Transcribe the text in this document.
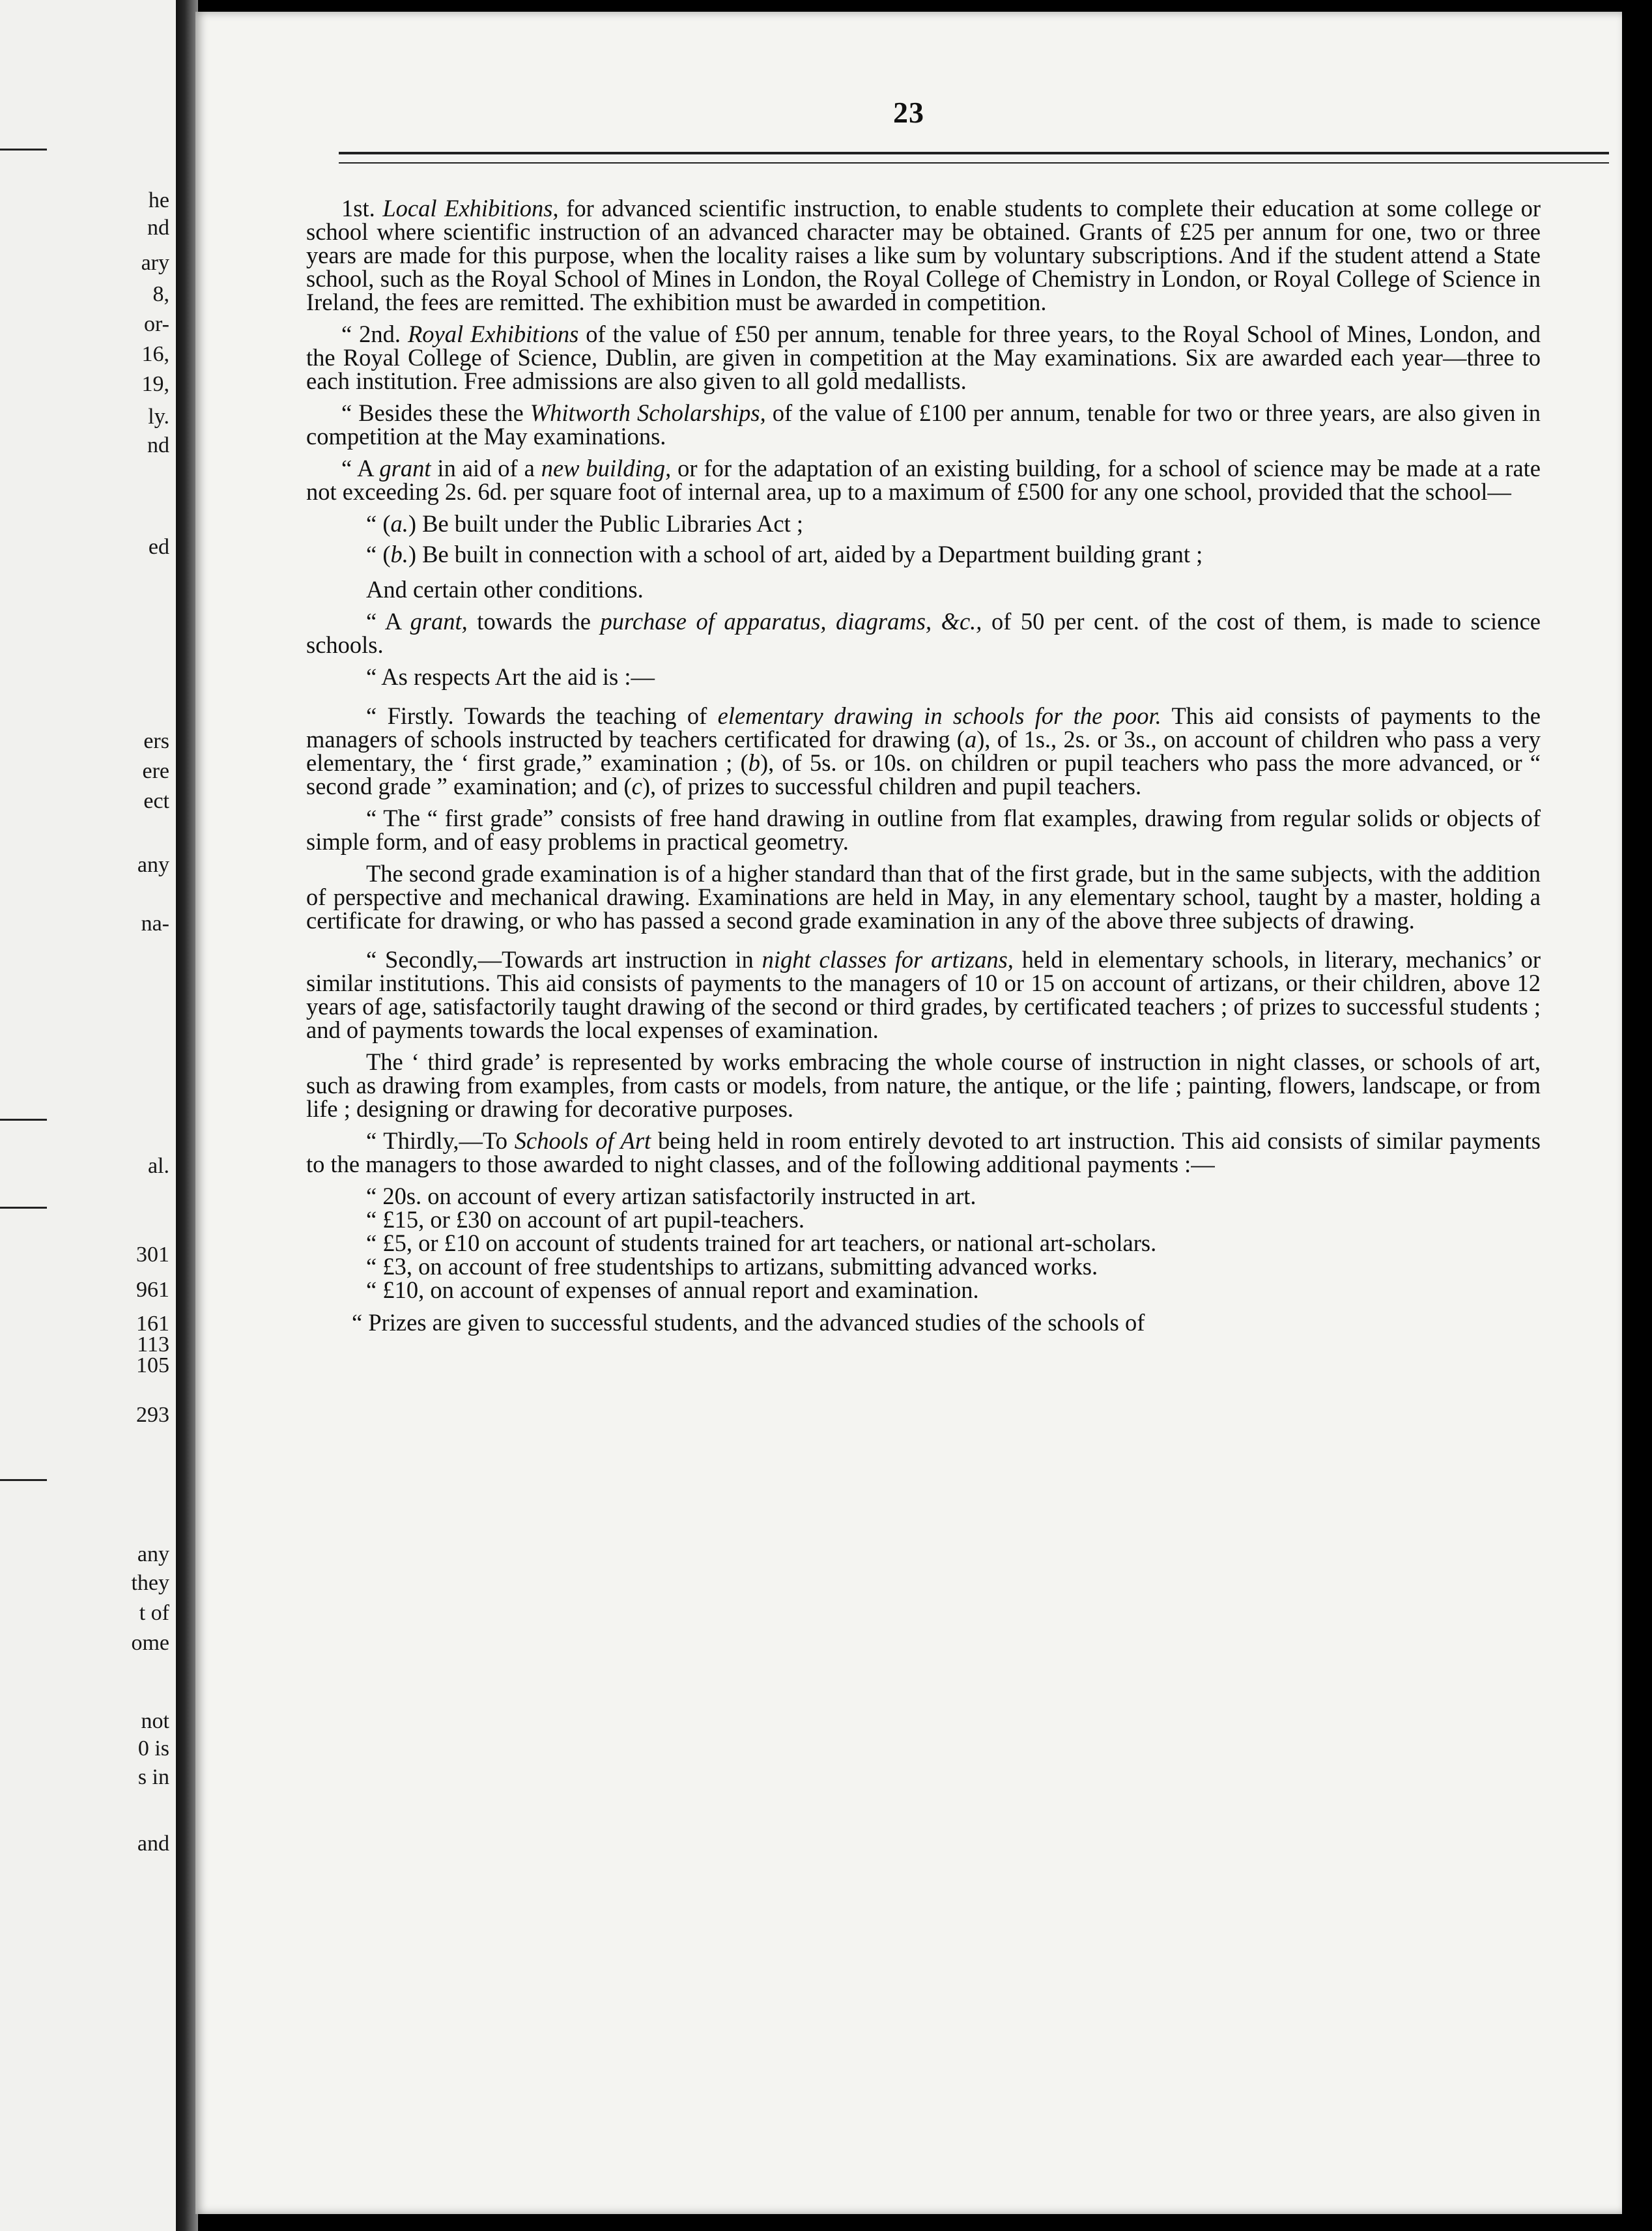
he
nd
ary
8,
or-
16,
19,
ly.
nd
ed
ers
ere
ect
any
na-
al.
301
961
161
113
105
293
any
they
t of
ome
not
0 is
s in
and
23

1st. Local Exhibitions, for advanced scientific instruction, to enable students to complete their education at some college or school where scientific instruction of an advanced character may be obtained. Grants of £25 per annum for one, two or three years are made for this purpose, when the locality raises a like sum by voluntary subscriptions. And if the student attend a State school, such as the Royal School of Mines in London, the Royal College of Chemistry in London, or Royal College of Science in Ireland, the fees are remitted. The exhibition must be awarded in competition.

“ 2nd. Royal Exhibitions of the value of £50 per annum, tenable for three years, to the Royal School of Mines, London, and the Royal College of Science, Dublin, are given in competition at the May examinations. Six are awarded each year—three to each institution. Free admissions are also given to all gold medallists.

“ Besides these the Whitworth Scholarships, of the value of £100 per annum, tenable for two or three years, are also given in competition at the May examinations.

“ A grant in aid of a new building, or for the adaptation of an existing building, for a school of science may be made at a rate not exceeding 2s. 6d. per square foot of internal area, up to a maximum of £500 for any one school, provided that the school—

“ (a.) Be built under the Public Libraries Act ;

“ (b.) Be built in connection with a school of art, aided by a Department building grant ;

And certain other conditions.

“ A grant, towards the purchase of apparatus, diagrams, &c., of 50 per cent. of the cost of them, is made to science schools.

“ As respects Art the aid is :—

“ Firstly. Towards the teaching of elementary drawing in schools for the poor. This aid consists of payments to the managers of schools instructed by teachers certificated for drawing (a), of 1s., 2s. or 3s., on account of children who pass a very elementary, the ‘ first grade,” examination ; (b), of 5s. or 10s. on children or pupil teachers who pass the more advanced, or “ second grade ” examination; and (c), of prizes to successful children and pupil teachers.

“ The “ first grade” consists of free hand drawing in outline from flat examples, drawing from regular solids or objects of simple form, and of easy problems in practical geometry.

The second grade examination is of a higher standard than that of the first grade, but in the same subjects, with the addition of perspective and mechanical drawing. Examinations are held in May, in any elementary school, taught by a master, holding a certificate for drawing, or who has passed a second grade examination in any of the above three subjects of drawing.

“ Secondly,—Towards art instruction in night classes for artizans, held in elementary schools, in literary, mechanics’ or similar institutions. This aid consists of payments to the managers of 10 or 15 on account of artizans, or their children, above 12 years of age, satisfactorily taught drawing of the second or third grades, by certificated teachers ; of prizes to successful students ; and of payments towards the local expenses of examination.

The ‘ third grade’ is represented by works embracing the whole course of instruction in night classes, or schools of art, such as drawing from examples, from casts or models, from nature, the antique, or the life ; painting, flowers, landscape, or from life ; designing or drawing for decorative purposes.

“ Thirdly,—To Schools of Art being held in room entirely devoted to art instruction. This aid consists of similar payments to the managers to those awarded to night classes, and of the following additional payments :—

“ 20s. on account of every artizan satisfactorily instructed in art.

“ £15, or £30 on account of art pupil-teachers.

“ £5, or £10 on account of students trained for art teachers, or national art-scholars.

“ £3, on account of free studentships to artizans, submitting advanced works.

“ £10, on account of expenses of annual report and examination.

“ Prizes are given to successful students, and the advanced studies of the schools of
